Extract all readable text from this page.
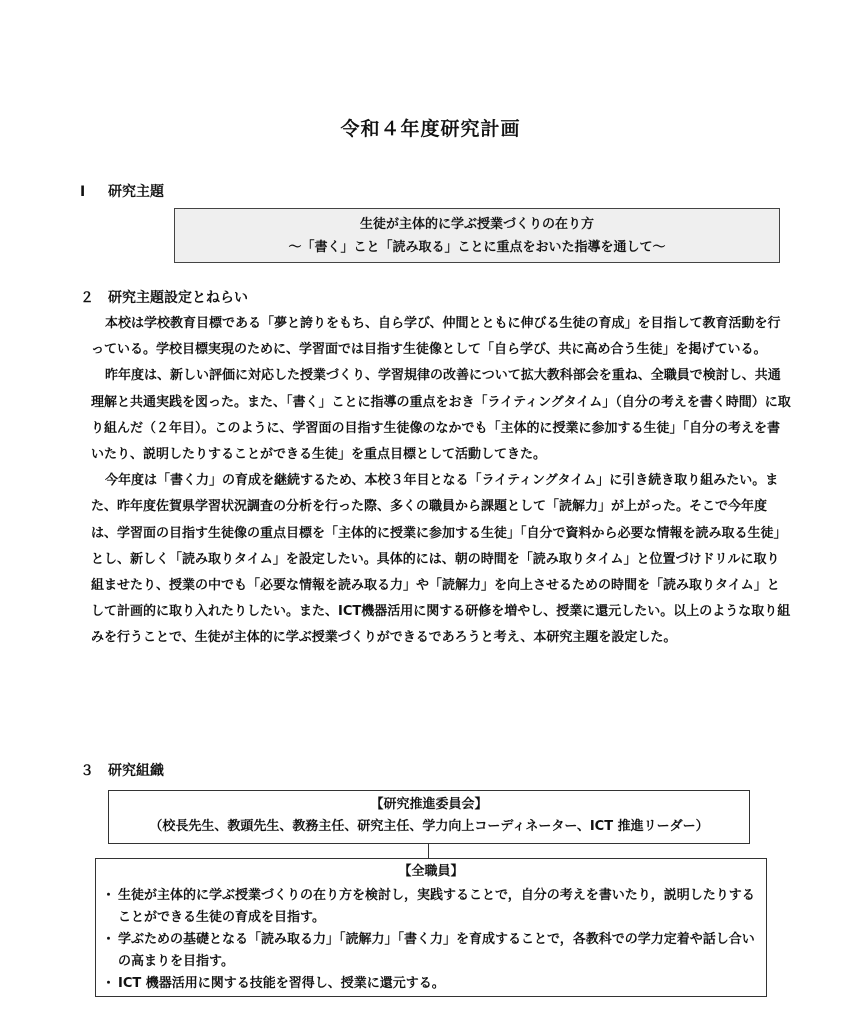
令和４年度研究計画
Ⅰ 研究主題
生徒が主体的に学ぶ授業づくりの在り方
～「書く」こと「読み取る」ことに重点をおいた指導を通して～
２ 研究主題設定とねらい

本校は学校教育目標である「夢と誇りをもち、自ら学び、仲間とともに伸びる生徒の育成」を目指して教育活動を行っている。学校目標実現のために、学習面では目指す生徒像として「自ら学び、共に高め合う生徒」を掲げている。

昨年度は、新しい評価に対応した授業づくり、学習規律の改善について拡大教科部会を重ね、全職員で検討し、共通理解と共通実践を図った。また、「書く」ことに指導の重点をおき「ライティングタイム」（自分の考えを書く時間）に取り組んだ（２年目）。このように、学習面の目指す生徒像のなかでも「主体的に授業に参加する生徒」「自分の考えを書いたり、説明したりすることができる生徒」を重点目標として活動してきた。

今年度は「書く力」の育成を継続するため、本校３年目となる「ライティングタイム」に引き続き取り組みたい。また、昨年度佐賀県学習状況調査の分析を行った際、多くの職員から課題として「読解力」が上がった。そこで今年度は、学習面の目指す生徒像の重点目標を「主体的に授業に参加する生徒」「自分で資料から必要な情報を読み取る生徒」とし、新しく「読み取りタイム」を設定したい。具体的には、朝の時間を「読み取りタイム」と位置づけドリルに取り組ませたり、授業の中でも「必要な情報を読み取る力」や「読解力」を向上させるための時間を「読み取りタイム」として計画的に取り入れたりしたい。また、ICT機器活用に関する研修を増やし、授業に還元したい。以上のような取り組みを行うことで、生徒が主体的に学ぶ授業づくりができるであろうと考え、本研究主題を設定した。

３ 研究組織
【研究推進委員会】
（校長先生、教頭先生、教務主任、研究主任、学力向上コーディネーター、ICT 推進リーダー）
【全職員】
・ 生徒が主体的に学ぶ授業づくりの在り方を検討し，実践することで，自分の考えを書いたり，説明したりすることができる生徒の育成を目指す。
・ 学ぶための基礎となる「読み取る力」「読解力」「書く力」を育成することで，各教科での学力定着や話し合いの高まりを目指す。
・ ICT 機器活用に関する技能を習得し、授業に還元する。
